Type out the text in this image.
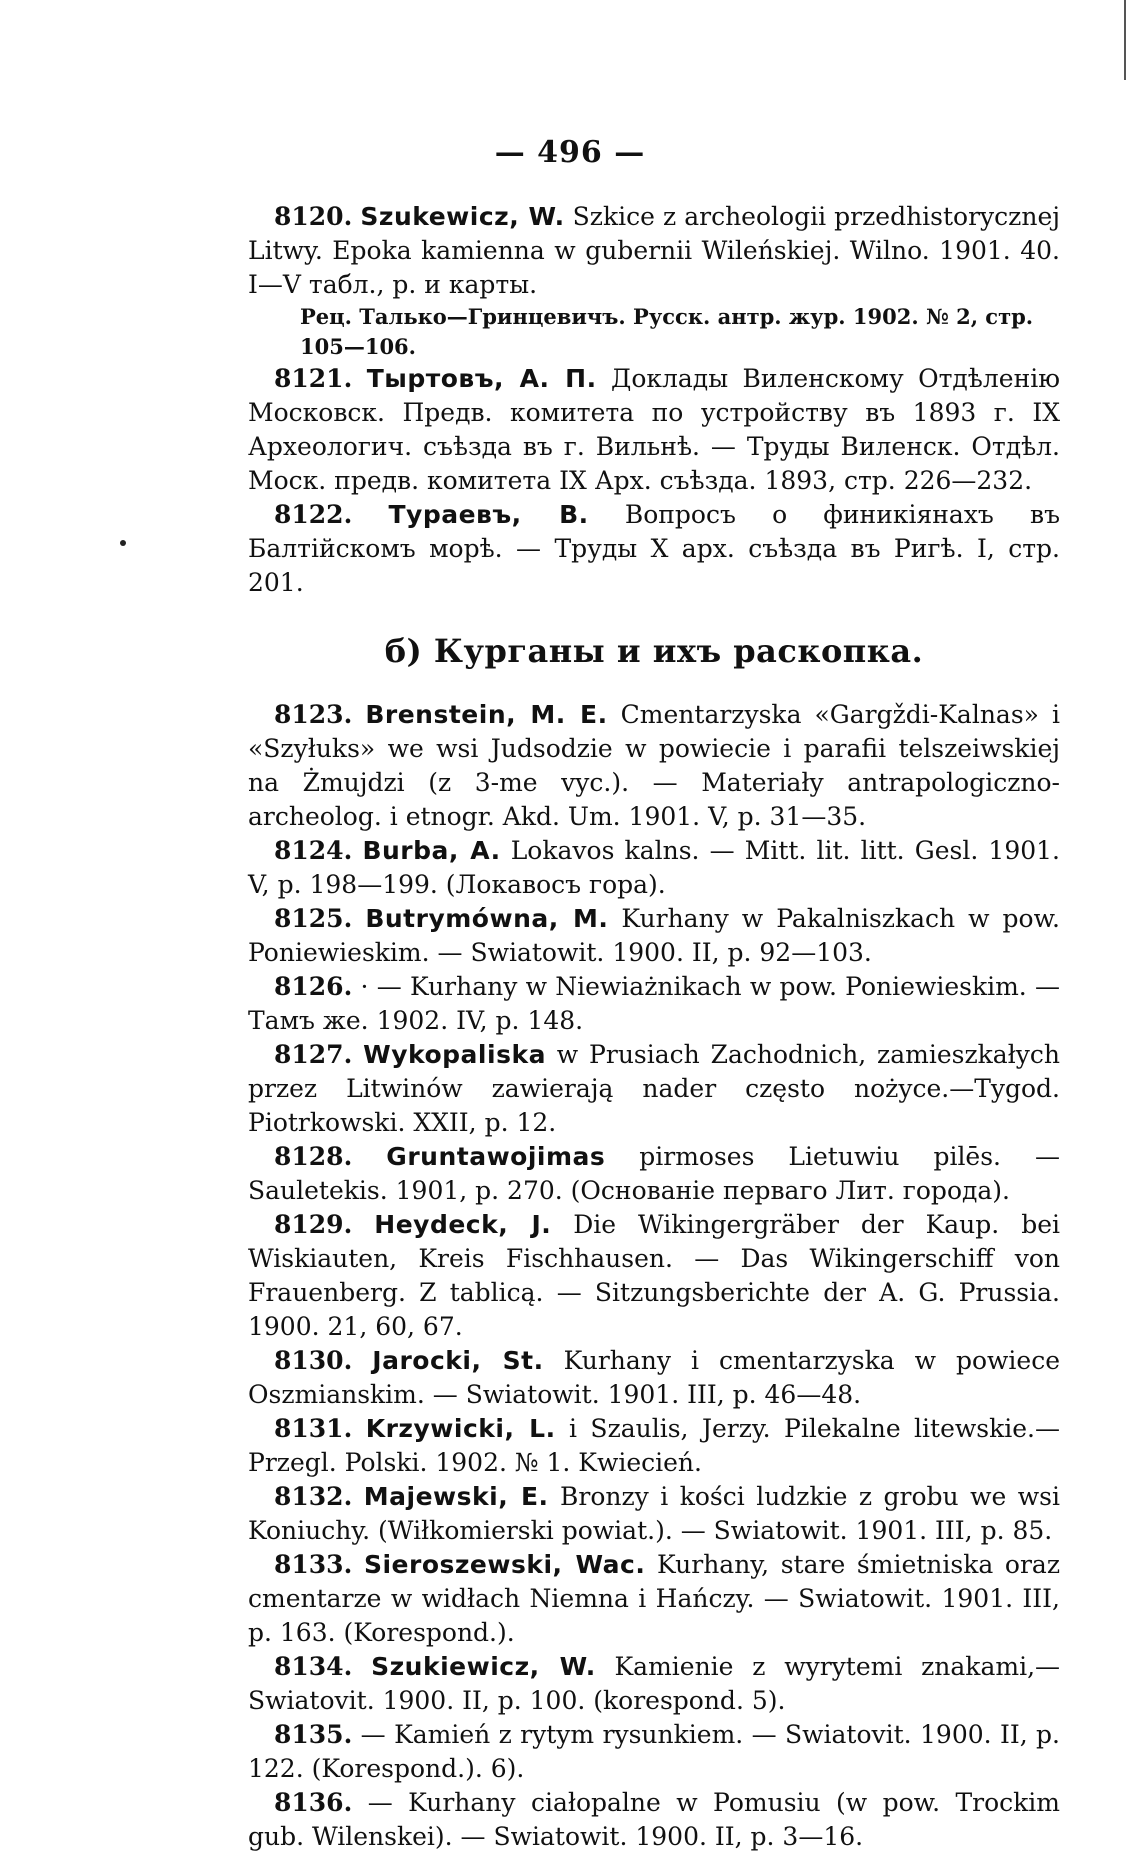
— 496 —

8120. Szukewicz, W. Szkice z archeologii przedhistorycznej Litwy. Epoka kamienna w gubernii Wileńskiej. Wilno. 1901. 40. I—V табл., р. и карты.

Рец. Талько—Гринцевичъ. Русск. антр. жур. 1902. № 2, стр. 105—106.

8121. Тыртовъ, А. П. Доклады Виленскому Отдѣленію Московск. Предв. комитета по устройству въ 1893 г. IX Археологич. съѣзда въ г. Вильнѣ. — Труды Виленск. Отдѣл. Моск. предв. комитета IX Арх. съѣзда. 1893, стр. 226—232.

8122. Тураевъ, В. Вопросъ о финикіянахъ въ Балтійскомъ морѣ. — Труды X арх. съѣзда въ Ригѣ. I, стр. 201.

б) Курганы и ихъ раскопка.

8123. Brenstein, M. E. Cmentarzyska «Gargždi-Kalnas» i «Szyłuks» we wsi Judsodzie w powiecie i parafii telszeiwskiej na Żmujdzi (z 3-me vyc.). — Materiały antrapologiczno-archeolog. i etnogr. Akd. Um. 1901. V, p. 31—35.

8124. Burba, A. Lokavos kalns. — Mitt. lit. litt. Gesl. 1901. V, p. 198—199. (Локавосъ гора).

8125. Butrymówna, M. Kurhany w Pakalniszkach w pow. Poniewieskim. — Swiatowit. 1900. II, p. 92—103.

8126. · — Kurhany w Niewiażnikach w pow. Poniewieskim. — Тамъ же. 1902. IV, p. 148.

8127. Wykopaliska w Prusiach Zachodnich, zamieszkałych przez Litwinów zawierają nader często nożyce.—Tygod. Piotrkowski. XXII, p. 12.

8128. Gruntawojimas pirmoses Lietuwiu pilēs. — Sauletekis. 1901, p. 270. (Основаніе перваго Лит. города).

8129. Heydeck, J. Die Wikingergräber der Kaup. bei Wiskiauten, Kreis Fischhausen. — Das Wikingerschiff von Frauenberg. Z tablicą. — Sitzungsberichte der A. G. Prussia. 1900. 21, 60, 67.

8130. Jarocki, St. Kurhany i cmentarzyska w powiece Oszmianskim. — Swiatowit. 1901. III, p. 46—48.

8131. Krzywicki, L. i Szaulis, Jerzy. Pilekalne litewskie.— Przegl. Polski. 1902. № 1. Kwiecień.

8132. Majewski, E. Bronzy i kości ludzkie z grobu we wsi Koniuchy. (Wiłkomierski powiat.). — Swiatowit. 1901. III, p. 85.

8133. Sieroszewski, Wac. Kurhany, stare śmietniska oraz cmentarze w widłach Niemna i Hańczy. — Swiatowit. 1901. III, p. 163. (Korespond.).

8134. Szukiewicz, W. Kamienie z wyrytemi znakami,—Swiatovit. 1900. II, p. 100. (korespond. 5).

8135. — Kamień z rytym rysunkiem. — Swiatovit. 1900. II, p. 122. (Korespond.). 6).

8136. — Kurhany ciałopalne w Pomusiu (w pow. Trockim gub. Wilenskei). — Swiatowit. 1900. II, p. 3—16.
